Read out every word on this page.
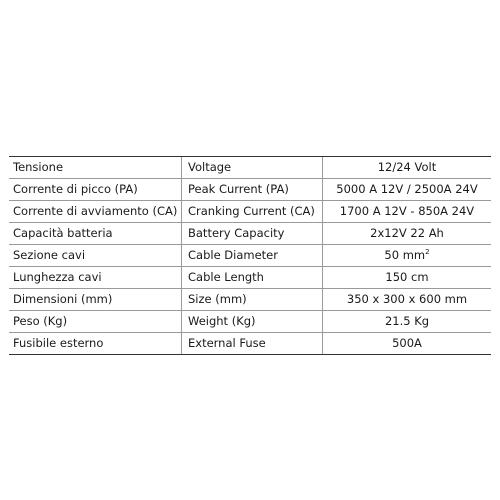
Tensione	Voltage	12/24 Volt
Corrente di picco (PA)	Peak Current (PA)	5000 A 12V / 2500A 24V
Corrente di avviamento (CA)	Cranking Current (CA)	1700 A 12V - 850A 24V
Capacità batteria	Battery Capacity	2x12V 22 Ah
Sezione cavi	Cable Diameter	50 $mm^2$
Lunghezza cavi	Cable Length	150 cm
Dimensioni (mm)	Size (mm)	350 x 300 x 600 mm
Peso (Kg)	Weight (Kg)	21.5 Kg
Fusibile esterno	External Fuse	500A
